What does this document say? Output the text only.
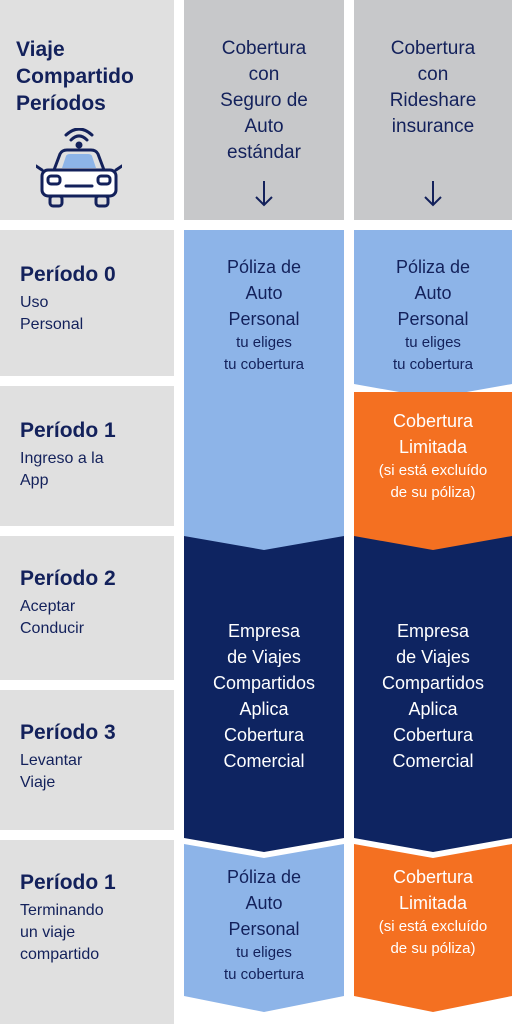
Viaje
Compartido
Períodos
Cobertura
con
Seguro de
Auto
estándar
Cobertura
con
Rideshare
insurance
Período 0
Uso
Personal
Período 1
Ingreso a la
App
Período 2
Aceptar
Conducir
Período 3
Levantar
Viaje
Período 1
Terminando
un viaje
compartido
Póliza de
Auto
Personal
tu eliges
tu cobertura
Póliza de
Auto
Personal
tu eliges
tu cobertura
Cobertura
Limitada
(si está excluído
de su póliza)
Empresa
de Viajes
Compartidos
Aplica
Cobertura
Comercial
Empresa
de Viajes
Compartidos
Aplica
Cobertura
Comercial
Póliza de
Auto
Personal
tu eliges
tu cobertura
Cobertura
Limitada
(si está excluído
de su póliza)
